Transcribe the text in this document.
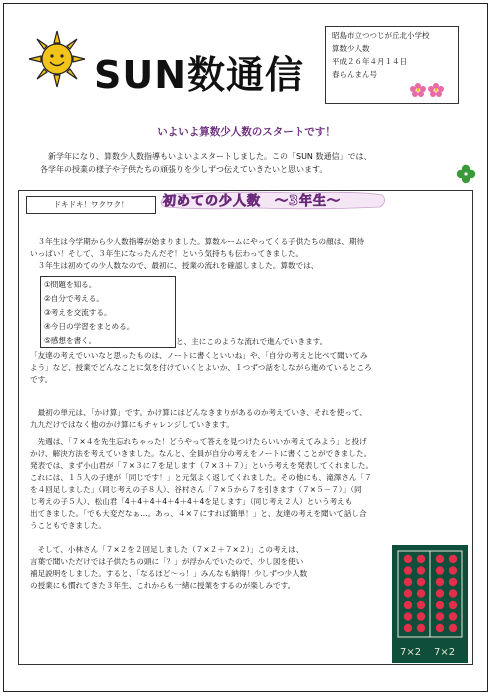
SUN数通信
昭島市立つつじが丘北小学校
算数少人数
平成２６年４月１４日
春らんまん号
いよいよ算数少人数のスタートです！

新学年になり、算数少人数指導もいよいよスタートしました。この「SUN 数通信」では、

各学年の授業の様子や子供たちの頑張りを少しずつ伝えていきたいと思います。

ドキドキ！ワクワク！	初めての少人数　～3年生～
　３年生は今学期から少人数指導が始まりました。算数ルームにやってくる子供たちの顔は、期待
いっぱい！そして、３年生になったんだぞ！という気持ちも伝わってきました。
　３年生は初めての少人数なので、最初に、授業の流れを確認しました。算数では、
①問題を知る。
②自分で考える。
③考えを交流する。
④今日の学習をまとめる。
⑤感想を書く。	と、主にこのような流れで進んでいきます。
「友達の考えでいいなと思ったものは、ノートに書くといいね」や、「自分の考えと比べて聞いてみ
よう」など、授業でどんなことに気を付けていくとよいか、１つずつ話をしながら進めているところ
です。
　最初の単元は、「かけ算」です。かけ算にはどんなきまりがあるのか考えていき、それを使って、
九九だけではなく他のかけ算にもチャレンジしていきます。
　先週は、「７×４を先生忘れちゃった！どうやって答えを見つけたらいいか考えてみよう」と投げ
かけ、解決方法を考えていきました。なんと、全員が自分の考えをノートに書くことができました。
発表では、まず小山君が「７×３に７を足します（７×３＋７）」という考えを発表してくれました。
これには、１５人の子達が「同じです！」と元気よく返してくれました。その他にも、滝澤さん「７
を４回足しました」（同じ考えの子８人）、谷村さん「７×５から７を引きます（７×５－７）」（同
じ考えの子５人）、松山君「4＋4＋4＋4＋4＋4＋4を足します」（同じ考え２人）という考えも
出てきました。「でも大変だなぁ…。あっ、４×７にすれば簡単！」と、友達の考えを聞いて話し合
うこともできました。
　そして、小林さん「７×２を２回足しました（７×２＋７×２）」この考えは、
言葉で聞いただけでは子供たちの頭に「？」が浮かんでいたので、少し図を使い
補足説明をしました。すると、「なるほど～っ！」みんなも納得！少しずつ少人数
の授業にも慣れてきた３年生、これからも一緒に授業をするのが楽しみです。
7×2 7×2
